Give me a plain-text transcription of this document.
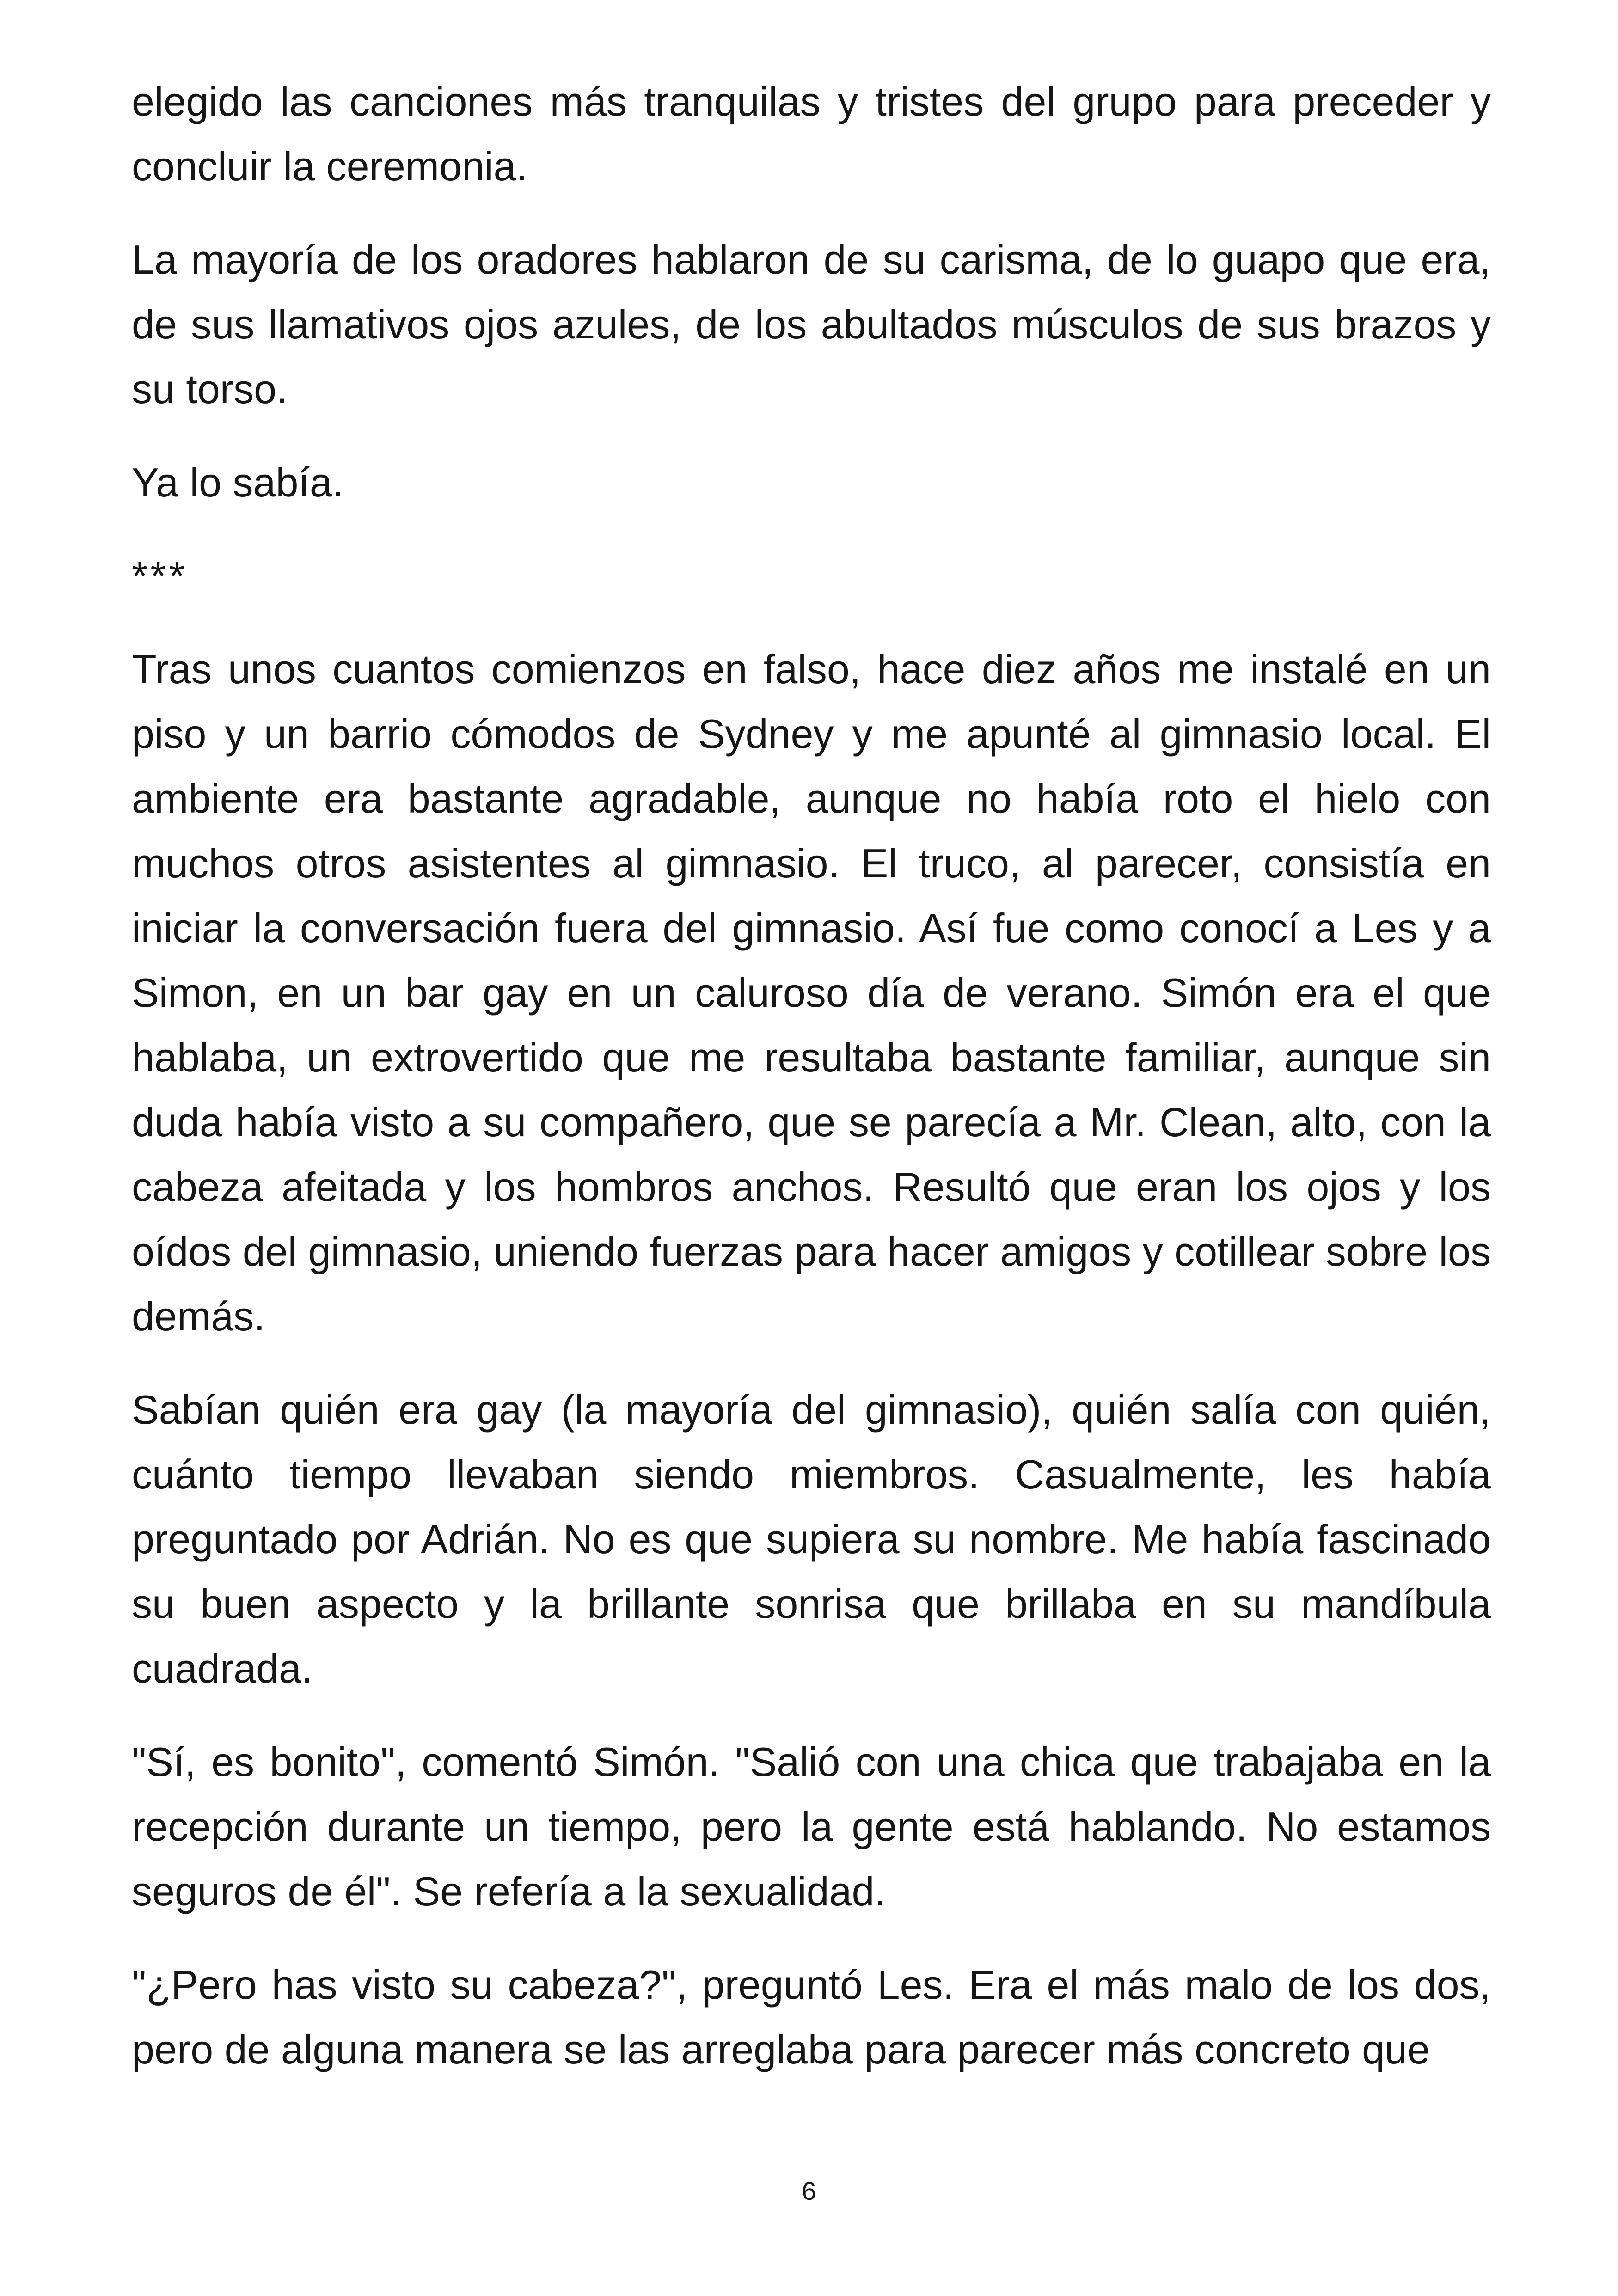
elegido las canciones más tranquilas y tristes del grupo para preceder y concluir la ceremonia.

La mayoría de los oradores hablaron de su carisma, de lo guapo que era, de sus llamativos ojos azules, de los abultados músculos de sus brazos y su torso.

Ya lo sabía.

***

Tras unos cuantos comienzos en falso, hace diez años me instalé en un piso y un barrio cómodos de Sydney y me apunté al gimnasio local. El ambiente era bastante agradable, aunque no había roto el hielo con muchos otros asistentes al gimnasio. El truco, al parecer, consistía en iniciar la conversación fuera del gimnasio. Así fue como conocí a Les y a Simon, en un bar gay en un caluroso día de verano. Simón era el que hablaba, un extrovertido que me resultaba bastante familiar, aunque sin duda había visto a su compañero, que se parecía a Mr. Clean, alto, con la cabeza afeitada y los hombros anchos. Resultó que eran los ojos y los oídos del gimnasio, uniendo fuerzas para hacer amigos y cotillear sobre los demás.

Sabían quién era gay (la mayoría del gimnasio), quién salía con quién, cuánto tiempo llevaban siendo miembros. Casualmente, les había preguntado por Adrián. No es que supiera su nombre. Me había fascinado su buen aspecto y la brillante sonrisa que brillaba en su mandíbula cuadrada.

"Sí, es bonito", comentó Simón. "Salió con una chica que trabajaba en la recepción durante un tiempo, pero la gente está hablando. No estamos seguros de él". Se refería a la sexualidad.

"¿Pero has visto su cabeza?", preguntó Les. Era el más malo de los dos, pero de alguna manera se las arreglaba para parecer más concreto que

6
